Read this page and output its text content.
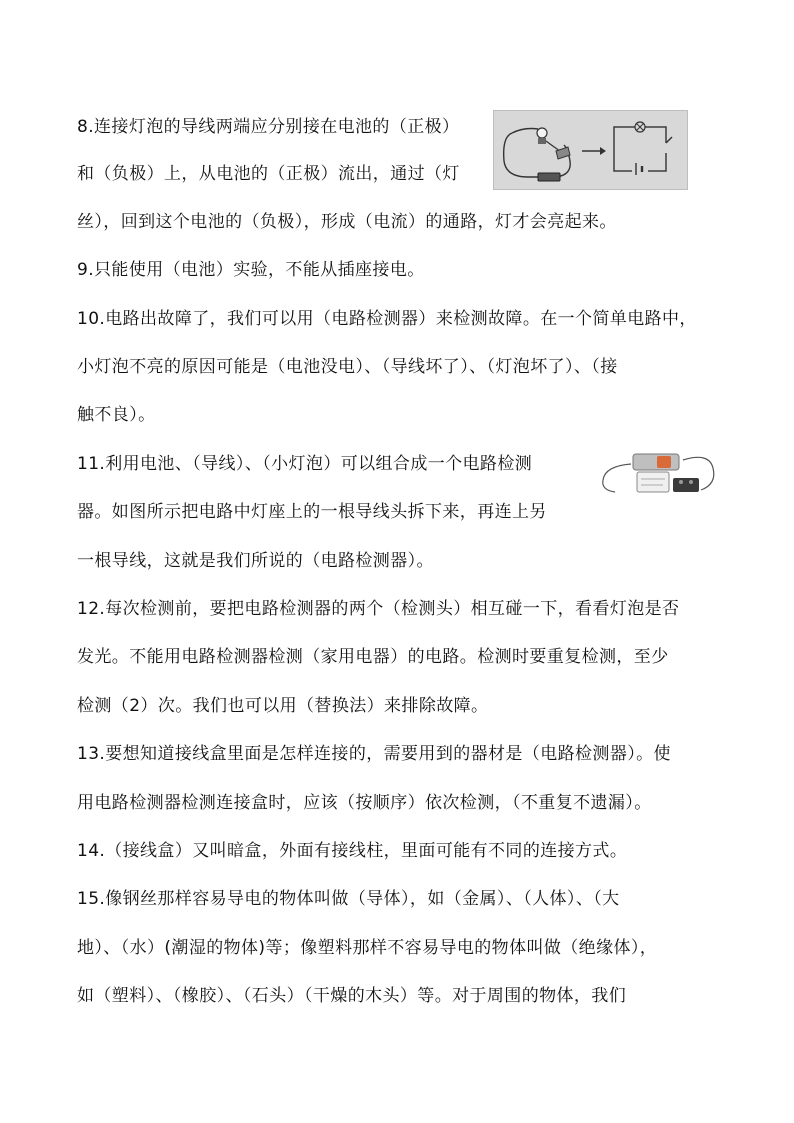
8.连接灯泡的导线两端应分别接在电池的（正极）
和（负极）上，从电池的（正极）流出，通过（灯
丝），回到这个电池的（负极），形成（电流）的通路，灯才会亮起来。
9.只能使用（电池）实验，不能从插座接电。
10.电路出故障了，我们可以用（电路检测器）来检测故障。在一个简单电路中，
小灯泡不亮的原因可能是（电池没电）、（导线坏了）、（灯泡坏了）、（接
触不良）。
11.利用电池、（导线）、（小灯泡）可以组合成一个电路检测
器。如图所示把电路中灯座上的一根导线头拆下来，再连上另
一根导线，这就是我们所说的（电路检测器）。
12.每次检测前，要把电路检测器的两个（检测头）相互碰一下，看看灯泡是否
发光。不能用电路检测器检测（家用电器）的电路。检测时要重复检测，至少
检测（2）次。我们也可以用（替换法）来排除故障。
13.要想知道接线盒里面是怎样连接的，需要用到的器材是（电路检测器）。使
用电路检测器检测连接盒时，应该（按顺序）依次检测，（不重复不遗漏）。
14.（接线盒）又叫暗盒，外面有接线柱，里面可能有不同的连接方式。
15.像钢丝那样容易导电的物体叫做（导体），如（金属）、（人体）、（大
地）、（水）(潮湿的物体)等；像塑料那样不容易导电的物体叫做（绝缘体），
如（塑料）、（橡胶）、（石头）（干燥的木头）等。对于周围的物体，我们
